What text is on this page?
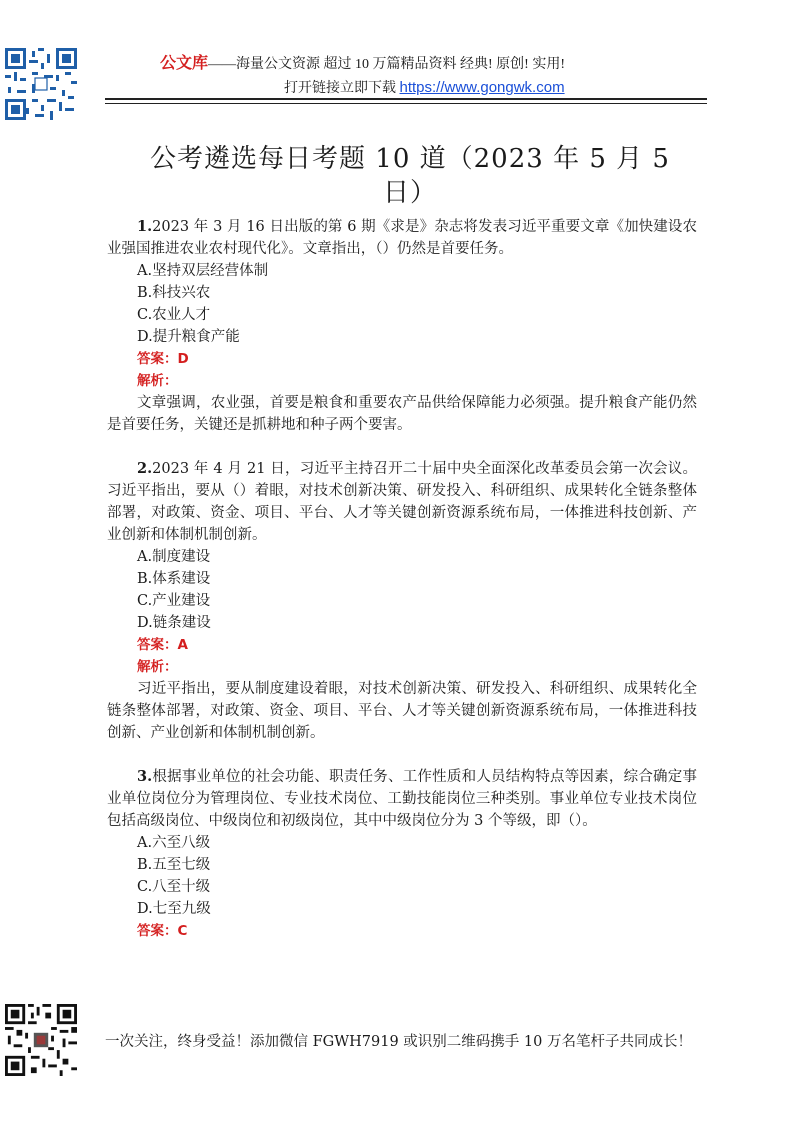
公文库——海量公文资源 超过 10 万篇精品资料 经典! 原创! 实用!
打开链接立即下载 https://www.gongwk.com
公考遴选每日考题 10 道（2023 年 5 月 5 日）

1.2023 年 3 月 16 日出版的第 6 期《求是》杂志将发表习近平重要文章《加快建设农业强国推进农业农村现代化》。文章指出，（）仍然是首要任务。

A.坚持双层经营体制

B.科技兴农

C.农业人才

D.提升粮食产能

答案：D

解析：

文章强调，农业强，首要是粮食和重要农产品供给保障能力必须强。提升粮食产能仍然是首要任务，关键还是抓耕地和种子两个要害。

2.2023 年 4 月 21 日，习近平主持召开二十届中央全面深化改革委员会第一次会议。习近平指出，要从（）着眼，对技术创新决策、研发投入、科研组织、成果转化全链条整体部署，对政策、资金、项目、平台、人才等关键创新资源系统布局，一体推进科技创新、产业创新和体制机制创新。

A.制度建设

B.体系建设

C.产业建设

D.链条建设

答案：A

解析：

习近平指出，要从制度建设着眼，对技术创新决策、研发投入、科研组织、成果转化全链条整体部署，对政策、资金、项目、平台、人才等关键创新资源系统布局，一体推进科技创新、产业创新和体制机制创新。

3.根据事业单位的社会功能、职责任务、工作性质和人员结构特点等因素，综合确定事业单位岗位分为管理岗位、专业技术岗位、工勤技能岗位三种类别。事业单位专业技术岗位包括高级岗位、中级岗位和初级岗位，其中中级岗位分为 3 个等级，即（）。

A.六至八级

B.五至七级

C.八至十级

D.七至九级

答案：C

一次关注，终身受益！添加微信 FGWH7919 或识别二维码携手 10 万名笔杆子共同成长！
